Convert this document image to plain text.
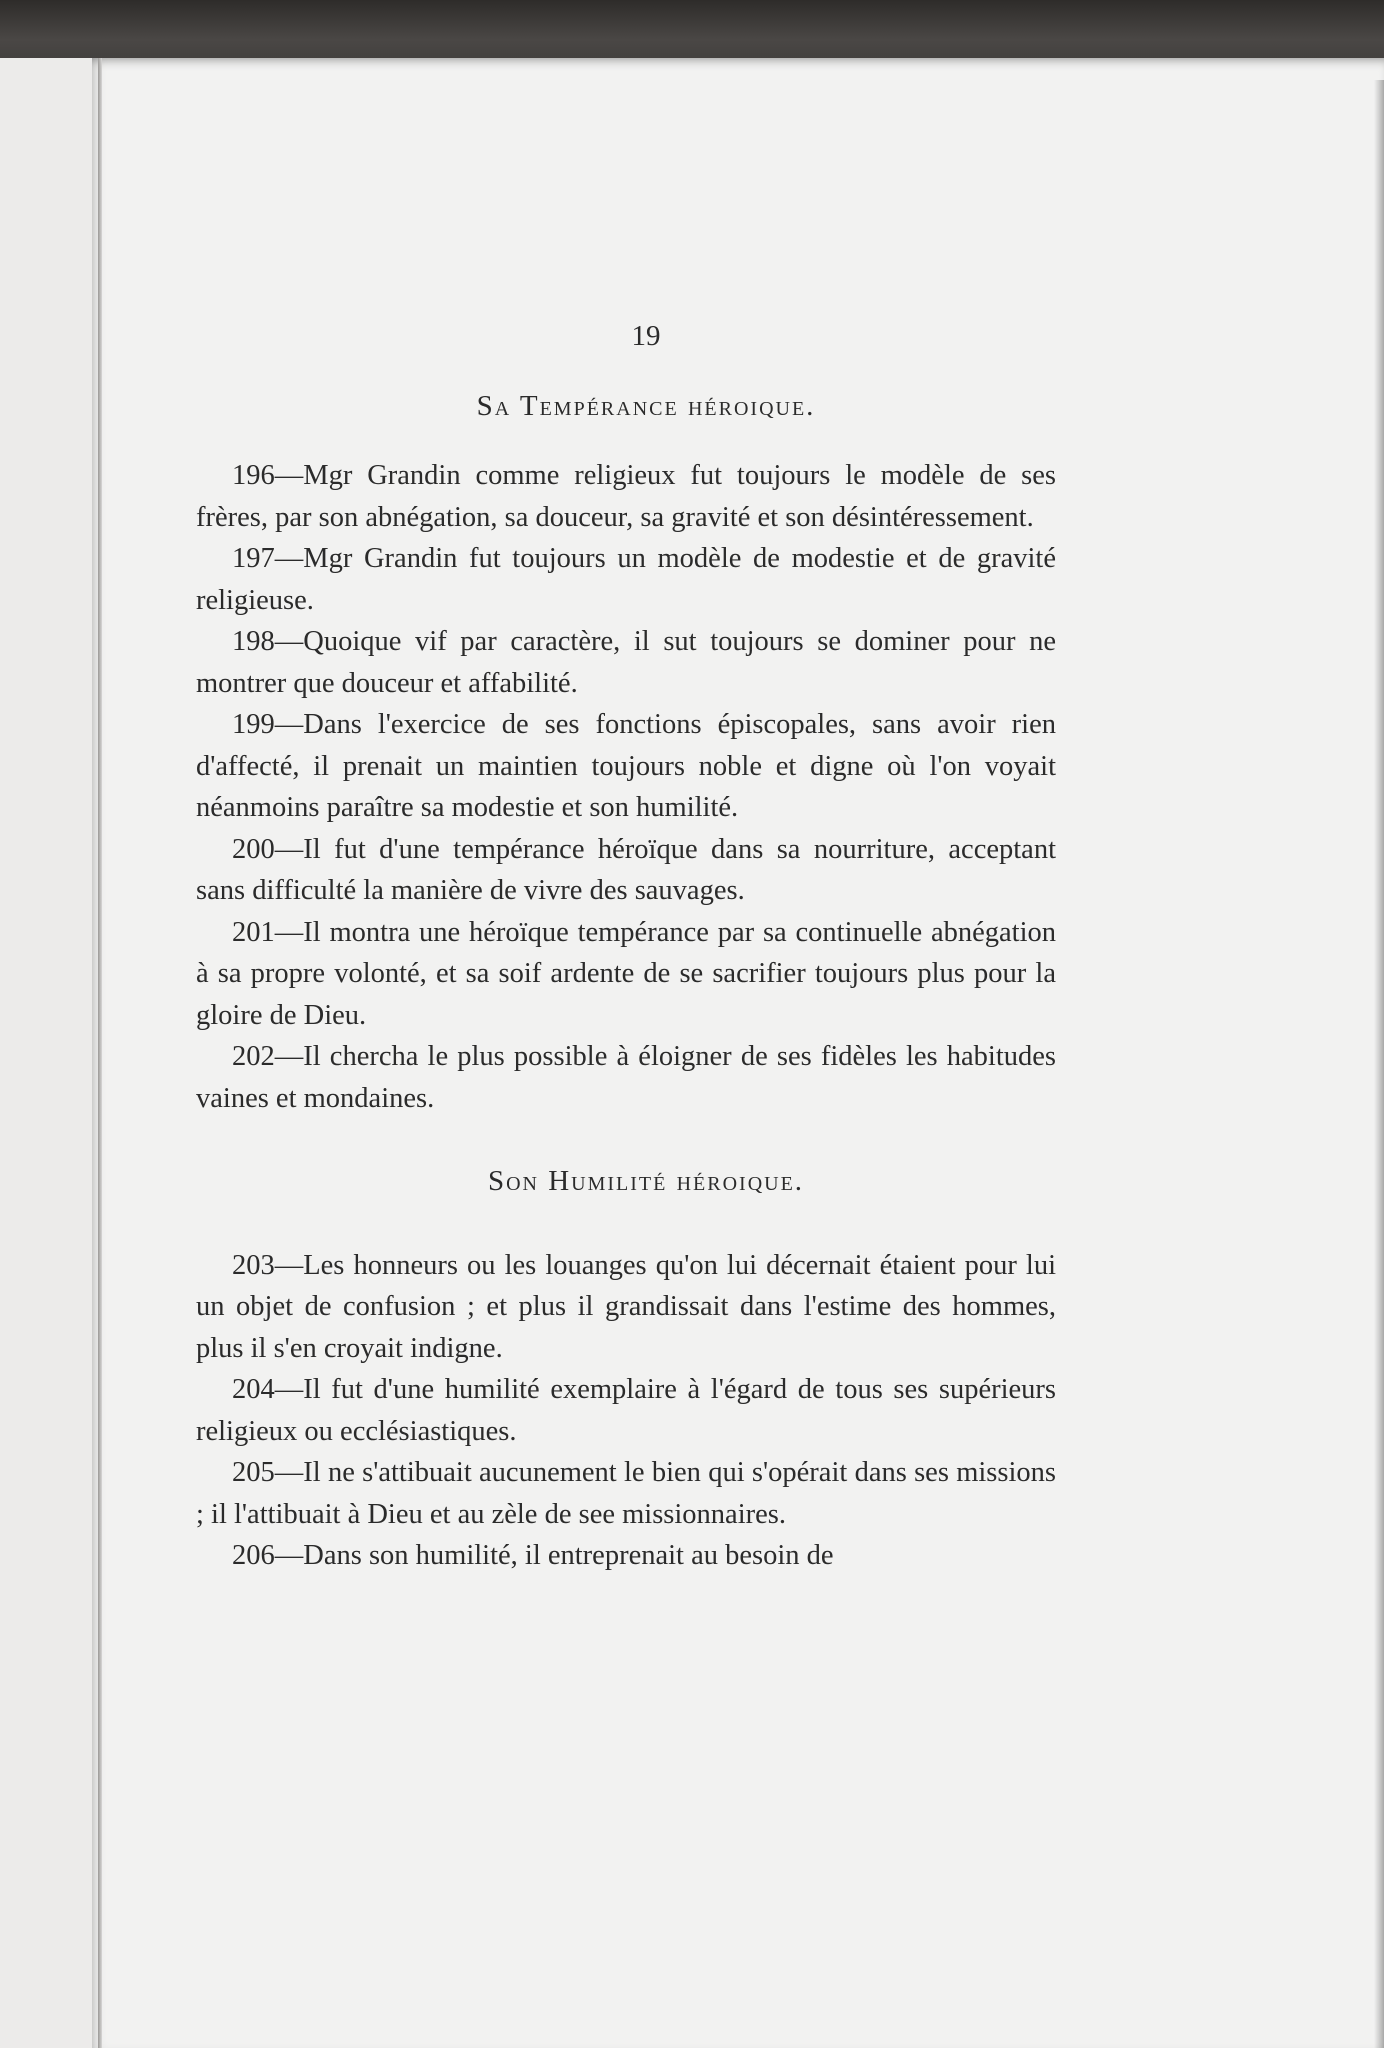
19
Sa Tempérance héroique.

196—Mgr Grandin comme religieux fut toujours le modèle de ses frères, par son abnégation, sa douceur, sa gravité et son désintéressement.

197—Mgr Grandin fut toujours un modèle de modestie et de gravité religieuse.

198—Quoique vif par caractère, il sut toujours se dominer pour ne montrer que douceur et affabilité.

199—Dans l'exercice de ses fonctions épiscopales, sans avoir rien d'affecté, il prenait un maintien toujours noble et digne où l'on voyait néanmoins paraître sa modestie et son humilité.

200—Il fut d'une tempérance héroïque dans sa nourriture, acceptant sans difficulté la manière de vivre des sauvages.

201—Il montra une héroïque tempérance par sa continuelle abnégation à sa propre volonté, et sa soif ardente de se sacrifier toujours plus pour la gloire de Dieu.

202—Il chercha le plus possible à éloigner de ses fidèles les habitudes vaines et mondaines.

Son Humilité héroique.

203—Les honneurs ou les louanges qu'on lui décernait étaient pour lui un objet de confusion ; et plus il grandissait dans l'estime des hommes, plus il s'en croyait indigne.

204—Il fut d'une humilité exemplaire à l'égard de tous ses supérieurs religieux ou ecclésiastiques.

205—Il ne s'attibuait aucunement le bien qui s'opérait dans ses missions ; il l'attibuait à Dieu et au zèle de see missionnaires.

206—Dans son humilité, il entreprenait au besoin de
